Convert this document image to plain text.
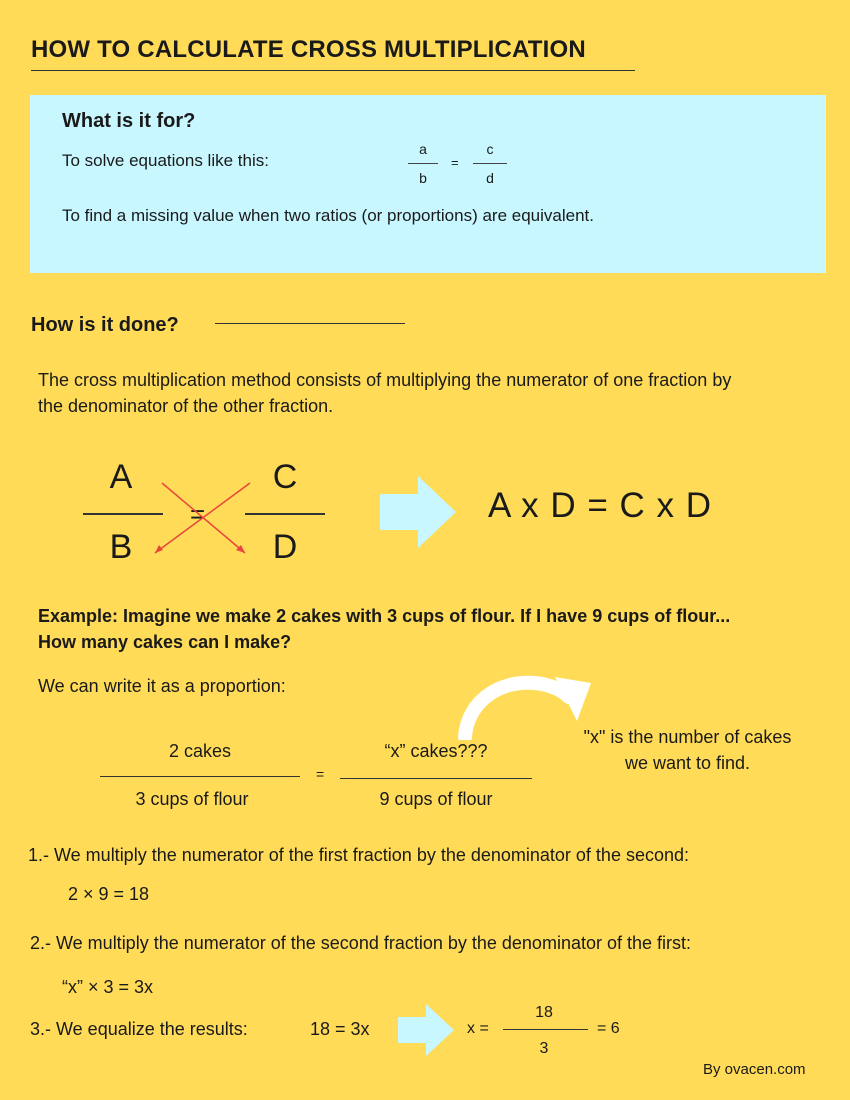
HOW TO CALCULATE CROSS MULTIPLICATION
What is it for?
To solve equations like this:
a
b
=
c
d
To find a missing value when two ratios (or proportions) are equivalent.
How is it done?
The cross multiplication method consists of multiplying the numerator of one fraction by the denominator of the other fraction.
A
B
=
C
D
A x D = C x D
Example: Imagine we make 2 cakes with 3 cups of flour. If I have 9 cups of flour... How many cakes can I make?
We can write it as a proportion:
2 cakes
3 cups of flour
=
“x” cakes???
9 cups of flour
"x" is the number of cakes we want to find.
1.- We multiply the numerator of the first fraction by the denominator of the second:
2 × 9 = 18
2.- We multiply the numerator of the second fraction by the denominator of the first:
“x” × 3 = 3x
3.- We equalize the results:	18 = 3x	x =
18
3
= 6
By ovacen.com
